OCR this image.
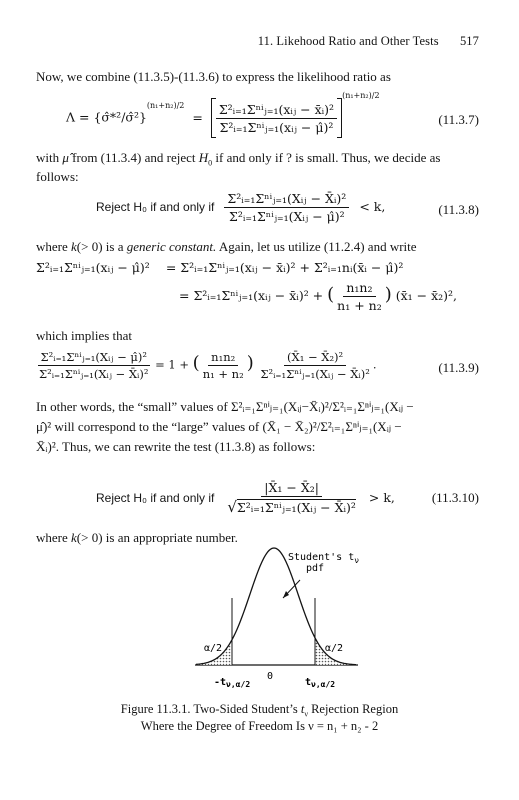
11. Likehood Ratio and Other Tests 517
Now, we combine (11.3.5)-(11.3.6) to express the likelihood ratio as
Λ = {σ̂*²/σ̂²}$^{(n_1+n_2)/2}$ = $\frac{\text{Σ²ᵢ₌₁Σⁿⁱⱼ₌₁(xᵢⱼ − x̄ᵢ)²}}{\text{Σ²ᵢ₌₁Σⁿⁱⱼ₌₁(xᵢⱼ − μ̂)²}}$
$^{(n_1+n_2)/2}$
(11.3.7)
with μ̂ from (11.3.4) and reject $H_0$ if and only if ? is small. Thus, we decide as follows:
Reject H₀ if and only if $\frac{\text{Σ²ᵢ₌₁Σⁿⁱⱼ₌₁(Xᵢⱼ − X̄ᵢ)²}}{\text{Σ²ᵢ₌₁Σⁿⁱⱼ₌₁(Xᵢⱼ − μ̂)²}} < k$,	(11.3.8)
where k(> 0) is a generic constant. Again, let us utilize (11.2.4) and write
Σ²ᵢ₌₁Σⁿⁱⱼ₌₁(xᵢⱼ − μ̂)² = Σ²ᵢ₌₁Σⁿⁱⱼ₌₁(xᵢⱼ − x̄ᵢ)² + Σ²ᵢ₌₁nᵢ(x̄ᵢ − μ̂)²
= Σ²ᵢ₌₁Σⁿⁱⱼ₌₁(xᵢⱼ − x̄ᵢ)² + ( $\frac{\text{n₁n₂}}{\text{n₁ + n₂}}$ ) (x̄₁ − x̄₂)²,
which implies that
$\frac{\text{Σ²ᵢ₌₁Σⁿⁱⱼ₌₁(Xᵢⱼ − μ̂)²}}{\text{Σ²ᵢ₌₁Σⁿⁱⱼ₌₁(Xᵢⱼ − X̄ᵢ)²}} = 1$ + ( $\frac{\text{n₁n₂}}{\text{n₁ + n₂}}$ ) $\frac{\text{(X̄₁ − X̄₂)²}}{\text{Σ²ᵢ₌₁Σⁿⁱⱼ₌₁(Xᵢⱼ − X̄ᵢ)²}}$ .	(11.3.9)
In other words, the “small” values of Σ²ᵢ₌₁Σⁿⁱⱼ₌₁(Xᵢⱼ−X̄ᵢ)²/Σ²ᵢ₌₁Σⁿⁱⱼ₌₁(Xᵢⱼ −
μ̂)² will correspond to the “large” values of (X̄₁ − X̄₂)²/Σ²ᵢ₌₁Σⁿⁱⱼ₌₁(Xᵢⱼ −
X̄ᵢ)². Thus, we can rewrite the test (11.3.8) as follows:
Reject H₀ if and only if $\frac{\text{|X̄₁ − X̄₂|}}{\text{√Σ²ᵢ₌₁Σⁿⁱⱼ₌₁(Xᵢⱼ − X̄ᵢ)²}} > k$,	(11.3.10)
where k(> 0) is an appropriate number.
Student's $t_\nu$
pdf
α/2	α/2
$-t_{\nu,\alpha/2}$
0
$t_{\nu,\alpha/2}$
Figure 11.3.1. Two-Sided Student’s $t_\nu$ Rejection Region
Where the Degree of Freedom Is ν = n₁ + n₂ - 2
